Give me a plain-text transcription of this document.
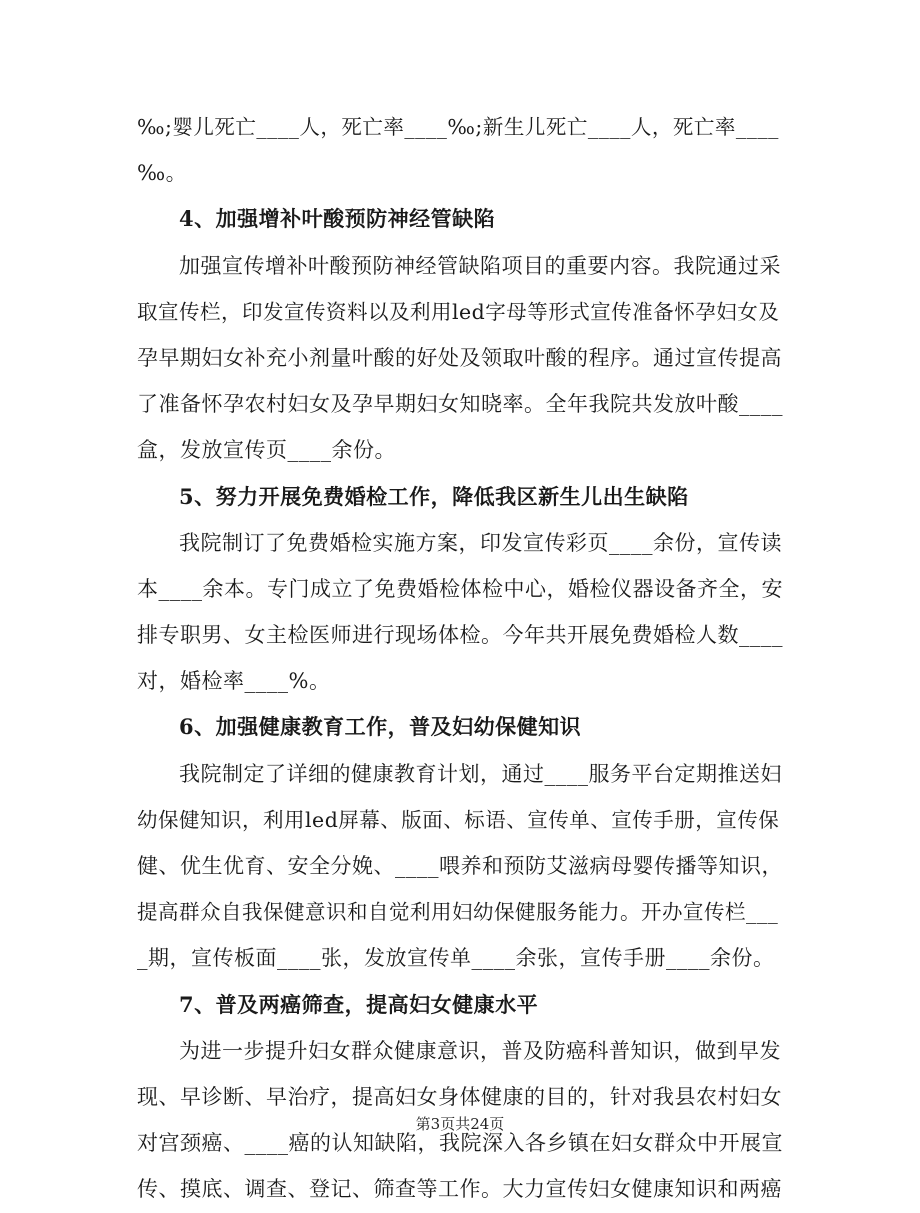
‰;婴儿死亡____人，死亡率____‰;新生儿死亡____人，死亡率____
‰。
4、加强增补叶酸预防神经管缺陷
加强宣传增补叶酸预防神经管缺陷项目的重要内容。我院通过采
取宣传栏，印发宣传资料以及利用led字母等形式宣传准备怀孕妇女及
孕早期妇女补充小剂量叶酸的好处及领取叶酸的程序。通过宣传提高
了准备怀孕农村妇女及孕早期妇女知晓率。全年我院共发放叶酸____
盒，发放宣传页____余份。
5、努力开展免费婚检工作，降低我区新生儿出生缺陷
我院制订了免费婚检实施方案，印发宣传彩页____余份，宣传读
本____余本。专门成立了免费婚检体检中心，婚检仪器设备齐全，安
排专职男、女主检医师进行现场体检。今年共开展免费婚检人数____
对，婚检率____%。
6、加强健康教育工作，普及妇幼保健知识
我院制定了详细的健康教育计划，通过____服务平台定期推送妇
幼保健知识，利用led屏幕、版面、标语、宣传单、宣传手册，宣传保
健、优生优育、安全分娩、____喂养和预防艾滋病母婴传播等知识，
提高群众自我保健意识和自觉利用妇幼保健服务能力。开办宣传栏___
_期，宣传板面____张，发放宣传单____余张，宣传手册____余份。
7、普及两癌筛查，提高妇女健康水平
为进一步提升妇女群众健康意识，普及防癌科普知识，做到早发
现、早诊断、早治疗，提高妇女身体健康的目的，针对我县农村妇女
对宫颈癌、____癌的认知缺陷，我院深入各乡镇在妇女群众中开展宣
传、摸底、调查、登记、筛查等工作。大力宣传妇女健康知识和两癌
第3页共24页
